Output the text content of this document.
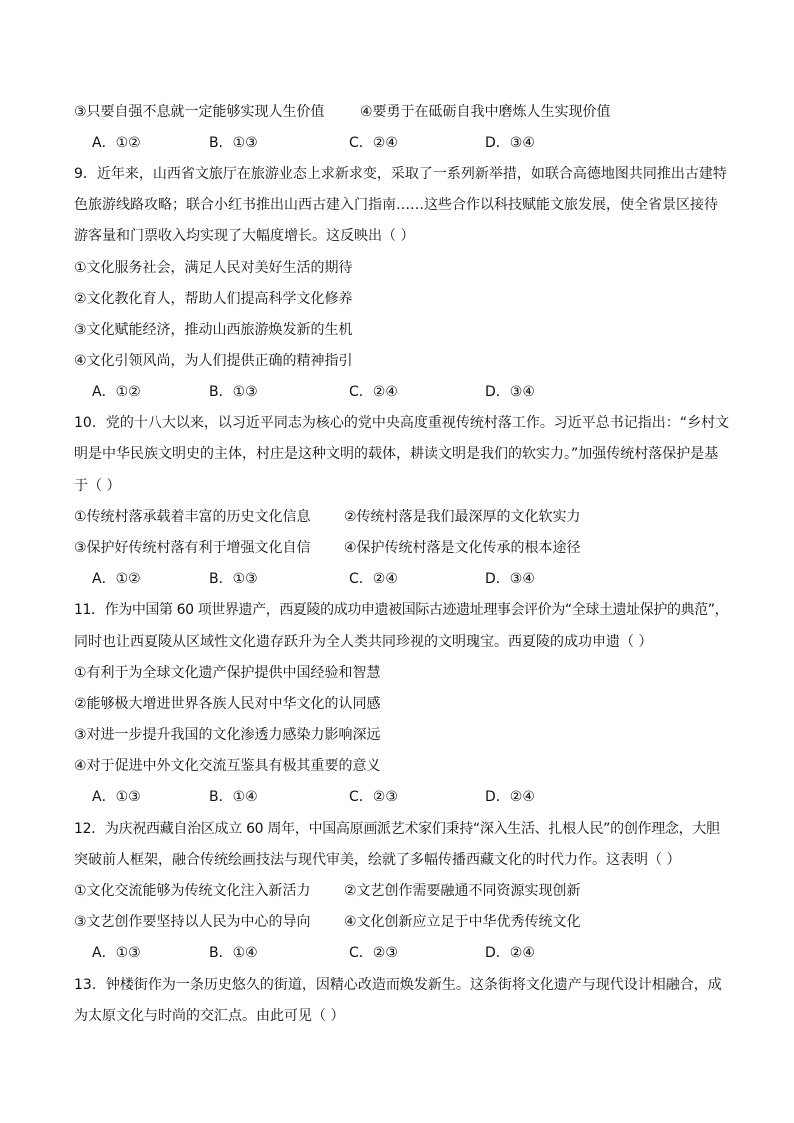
③只要自强不息就一定能够实现人生价值	④要勇于在砥砺自我中磨炼人生实现价值
A．①②	B．①③	C．②④	D．③④
9．近年来，山西省文旅厅在旅游业态上求新求变，采取了一系列新举措，如联合高德地图共同推出古建特
色旅游线路攻略；联合小红书推出山西古建入门指南……这些合作以科技赋能文旅发展，使全省景区接待
游客量和门票收入均实现了大幅度增长。这反映出（ ）
①文化服务社会，满足人民对美好生活的期待
②文化教化育人，帮助人们提高科学文化修养
③文化赋能经济，推动山西旅游焕发新的生机
④文化引领风尚，为人们提供正确的精神指引
A．①②	B．①③	C．②④	D．③④
10．党的十八大以来，以习近平同志为核心的党中央高度重视传统村落工作。习近平总书记指出：“乡村文
明是中华民族文明史的主体，村庄是这种文明的载体，耕读文明是我们的软实力。”加强传统村落保护是基
于（ ）
①传统村落承载着丰富的历史文化信息 ②传统村落是我们最深厚的文化软实力
③保护好传统村落有利于增强文化自信 ④保护传统村落是文化传承的根本途径
A．①②	B．①③	C．②④	D．③④
11．作为中国第 60 项世界遗产，西夏陵的成功申遗被国际古迹遗址理事会评价为“全球土遗址保护的典范”，
同时也让西夏陵从区域性文化遗存跃升为全人类共同珍视的文明瑰宝。西夏陵的成功申遗（ ）
①有利于为全球文化遗产保护提供中国经验和智慧
②能够极大增进世界各族人民对中华文化的认同感
③对进一步提升我国的文化渗透力感染力影响深远
④对于促进中外文化交流互鉴具有极其重要的意义
A．①③	B．①④	C．②③	D．②④
12．为庆祝西藏自治区成立 60 周年，中国高原画派艺术家们秉持“深入生活、扎根人民”的创作理念，大胆
突破前人框架，融合传统绘画技法与现代审美，绘就了多幅传播西藏文化的时代力作。这表明（ ）
①文化交流能够为传统文化注入新活力 ②文艺创作需要融通不同资源实现创新
③文艺创作要坚持以人民为中心的导向 ④文化创新应立足于中华优秀传统文化
A．①③	B．①④	C．②③	D．②④
13．钟楼街作为一条历史悠久的街道，因精心改造而焕发新生。这条街将文化遗产与现代设计相融合，成
为太原文化与时尚的交汇点。由此可见（ ）
